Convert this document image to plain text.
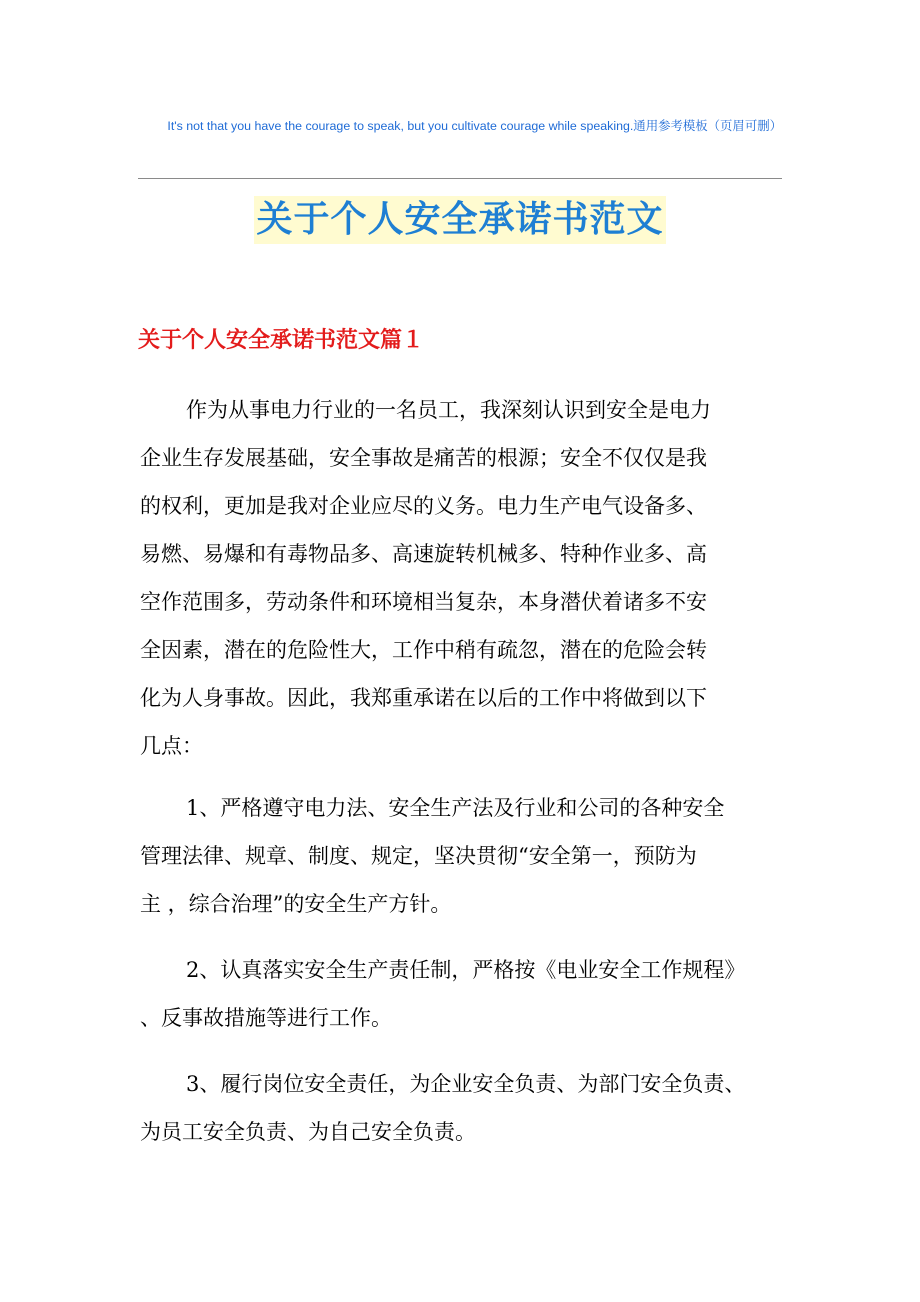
It's not that you have the courage to speak, but you cultivate courage while speaking.通用参考模板（页眉可删）
关于个人安全承诺书范文
关于个人安全承诺书范文篇１
作为从事电力行业的一名员工，我深刻认识到安全是电力
企业生存发展基础，安全事故是痛苦的根源；安全不仅仅是我
的权利，更加是我对企业应尽的义务。电力生产电气设备多、
易燃、易爆和有毒物品多、高速旋转机械多、特种作业多、高
空作范围多，劳动条件和环境相当复杂，本身潜伏着诸多不安
全因素，潜在的危险性大，工作中稍有疏忽，潜在的危险会转
化为人身事故。因此，我郑重承诺在以后的工作中将做到以下
几点：
1、严格遵守电力法、安全生产法及行业和公司的各种安全
管理法律、规章、制度、规定，坚决贯彻“安全第一，预防为
主 ，综合治理”的安全生产方针。
2、认真落实安全生产责任制，严格按《电业安全工作规程》
、反事故措施等进行工作。
3、履行岗位安全责任，为企业安全负责、为部门安全负责、
为员工安全负责、为自己安全负责。
